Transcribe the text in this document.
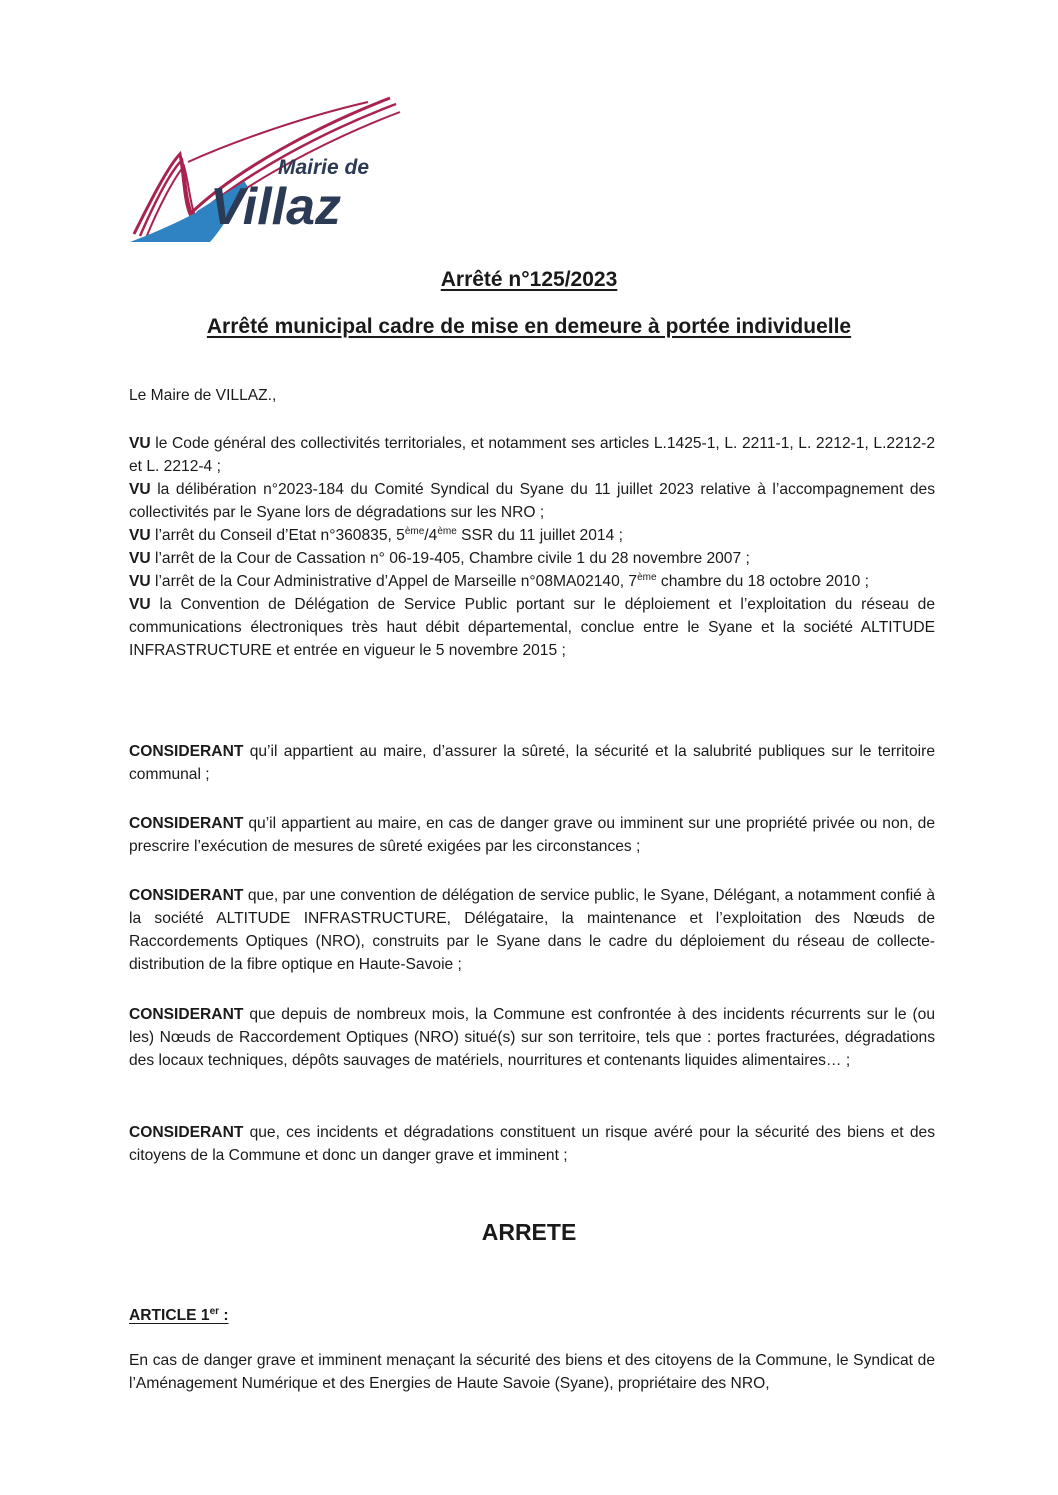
Mairie de
Villaz
Arrêté n°125/2023
Arrêté municipal cadre de mise en demeure à portée individuelle
Le Maire de VILLAZ.,
VU le Code général des collectivités territoriales, et notamment ses articles L.1425-1, L. 2211-1, L. 2212-1, L.2212-2 et L. 2212-4 ;
VU la délibération n°2023-184 du Comité Syndical du Syane du 11 juillet 2023 relative à l’accompagnement des collectivités par le Syane lors de dégradations sur les NRO ;
VU l’arrêt du Conseil d’Etat n°360835, 5ème/4ème SSR du 11 juillet 2014 ;
VU l’arrêt de la Cour de Cassation n° 06-19-405, Chambre civile 1 du 28 novembre 2007 ;
VU l’arrêt de la Cour Administrative d’Appel de Marseille n°08MA02140, 7ème chambre du 18 octobre 2010 ;
VU la Convention de Délégation de Service Public portant sur le déploiement et l’exploitation du réseau de communications électroniques très haut débit départemental, conclue entre le Syane et la société ALTITUDE INFRASTRUCTURE et entrée en vigueur le 5 novembre 2015 ;
CONSIDERANT qu’il appartient au maire, d’assurer la sûreté, la sécurité et la salubrité publiques sur le territoire communal ;
CONSIDERANT qu’il appartient au maire, en cas de danger grave ou imminent sur une propriété privée ou non, de prescrire l’exécution de mesures de sûreté exigées par les circonstances ;
CONSIDERANT que, par une convention de délégation de service public, le Syane, Délégant, a notamment confié à la société ALTITUDE INFRASTRUCTURE, Délégataire, la maintenance et l’exploitation des Nœuds de Raccordements Optiques (NRO), construits par le Syane dans le cadre du déploiement du réseau de collecte-distribution de la fibre optique en Haute-Savoie ;
CONSIDERANT que depuis de nombreux mois, la Commune est confrontée à des incidents récurrents sur le (ou les) Nœuds de Raccordement Optiques (NRO) situé(s) sur son territoire, tels que : portes fracturées, dégradations des locaux techniques, dépôts sauvages de matériels, nourritures et contenants liquides alimentaires… ;
CONSIDERANT que, ces incidents et dégradations constituent un risque avéré pour la sécurité des biens et des citoyens de la Commune et donc un danger grave et imminent ;
ARRETE
ARTICLE 1er :
En cas de danger grave et imminent menaçant la sécurité des biens et des citoyens de la Commune, le Syndicat de l’Aménagement Numérique et des Energies de Haute Savoie (Syane), propriétaire des NRO,
